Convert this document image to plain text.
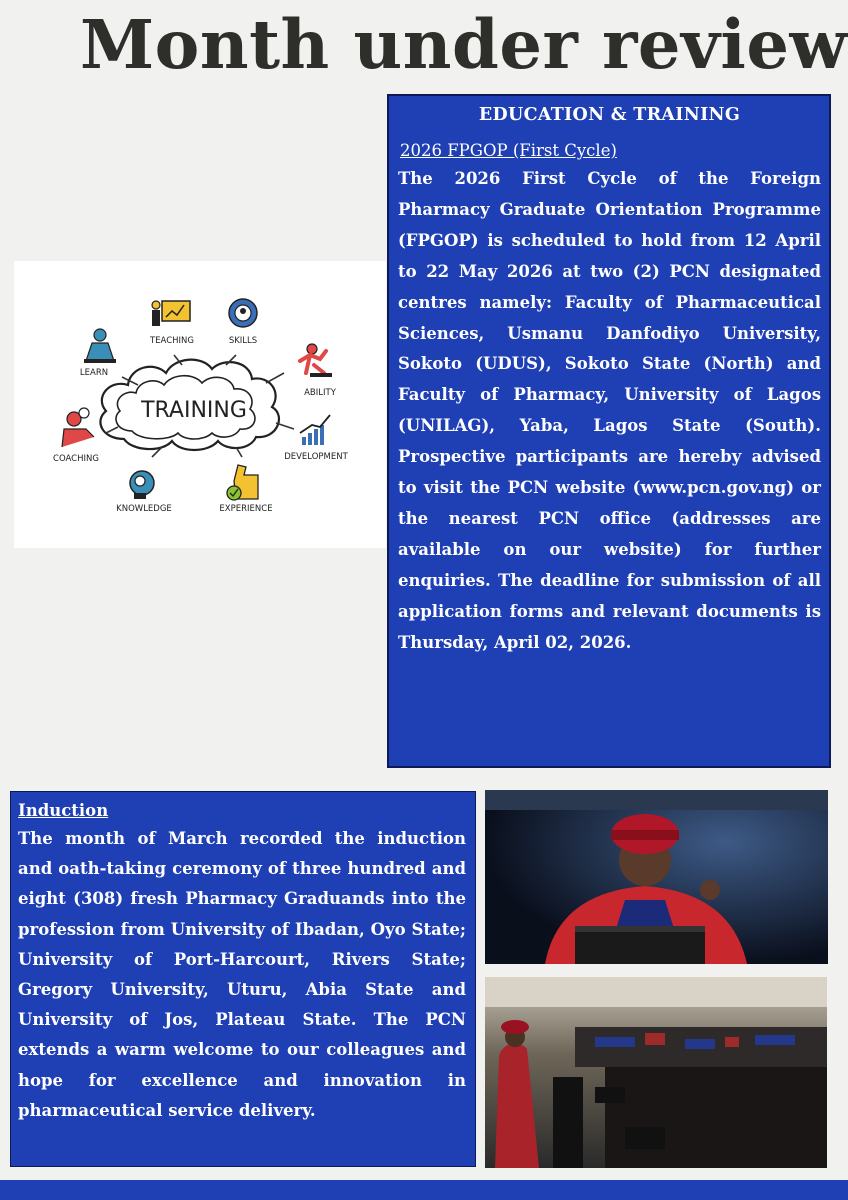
Month under review
TRAINING
TEACHING	SKILLS
LEARN
ABILITY
COACHING	DEVELOPMENT
KNOWLEDGE	EXPERIENCE
EDUCATION & TRAINING
2026 FPGOP (First Cycle)

The 2026 First Cycle of the Foreign Pharmacy Graduate Orientation Programme (FPGOP) is scheduled to hold from 12 April to 22 May 2026 at two (2) PCN designated centres namely: Faculty of Pharmaceutical Sciences, Usmanu Danfodiyo University, Sokoto (UDUS), Sokoto State (North) and Faculty of Pharmacy, University of Lagos (UNILAG), Yaba, Lagos State (South). Prospective participants are hereby advised to visit the PCN website (www.pcn.gov.ng) or the nearest PCN office (addresses are available on our website) for further enquiries. The deadline for submission of all application forms and relevant documents is Thursday, April 02, 2026.

Induction

The month of March recorded the induction and oath-taking ceremony of three hundred and eight (308) fresh Pharmacy Graduands into the profession from University of Ibadan, Oyo State; University of Port-Harcourt, Rivers State; Gregory University, Uturu, Abia State and University of Jos, Plateau State. The PCN extends a warm welcome to our colleagues and hope for excellence and innovation in pharmaceutical service delivery.
